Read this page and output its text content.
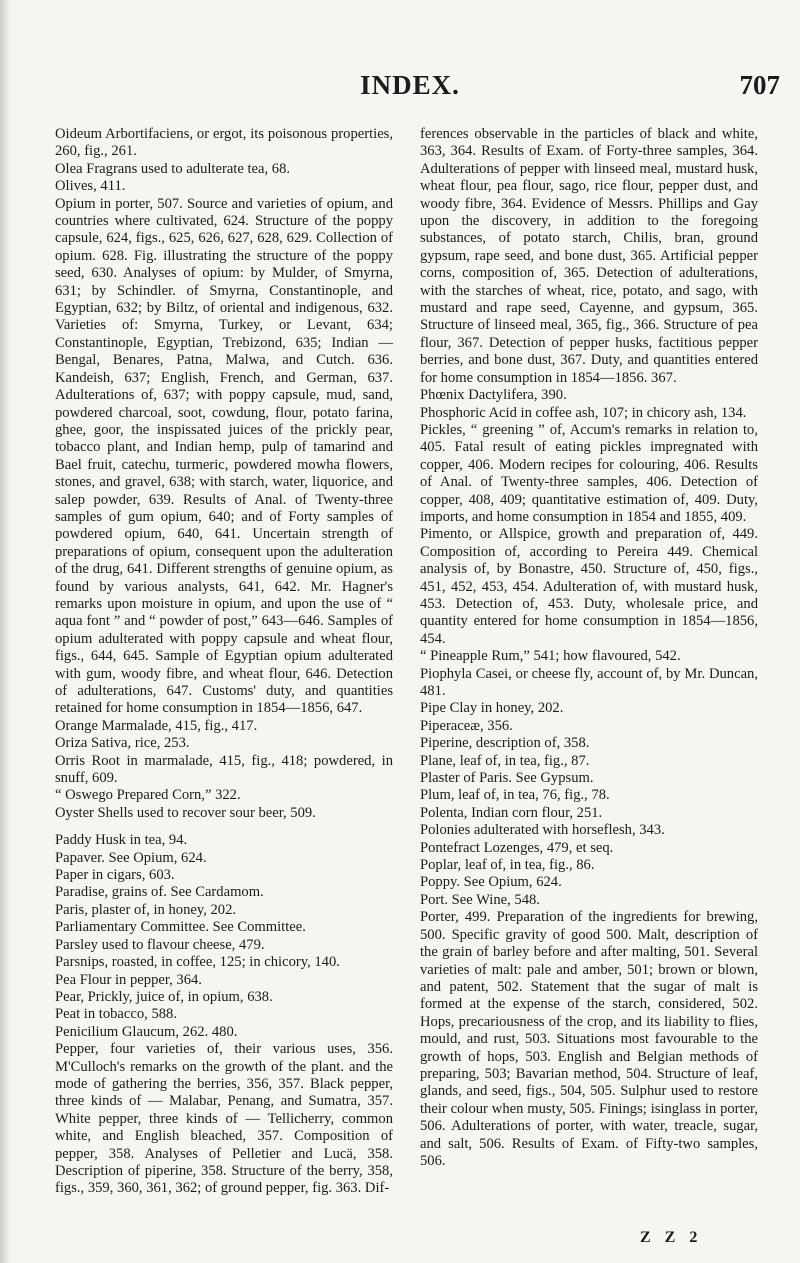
INDEX.	707
Oideum Arbortifaciens, or ergot, its poisonous properties, 260, fig., 261.
Olea Fragrans used to adulterate tea, 68.
Olives, 411.
Opium in porter, 507. Source and varieties of opium, and countries where cultivated, 624. Structure of the poppy capsule, 624, figs., 625, 626, 627, 628, 629. Collection of opium. 628. Fig. illustrating the structure of the poppy seed, 630. Analyses of opium: by Mulder, of Smyrna, 631; by Schindler. of Smyrna, Constantinople, and Egyptian, 632; by Biltz, of oriental and indigenous, 632. Varieties of: Smyrna, Turkey, or Levant, 634; Constantinople, Egyptian, Trebizond, 635; Indian — Bengal, Benares, Patna, Malwa, and Cutch. 636. Kandeish, 637; English, French, and German, 637. Adulterations of, 637; with poppy capsule, mud, sand, powdered charcoal, soot, cowdung, flour, potato farina, ghee, goor, the inspissated juices of the prickly pear, tobacco plant, and Indian hemp, pulp of tamarind and Bael fruit, catechu, turmeric, powdered mowha flowers, stones, and gravel, 638; with starch, water, liquorice, and salep powder, 639. Results of Anal. of Twenty-three samples of gum opium, 640; and of Forty samples of powdered opium, 640, 641. Uncertain strength of preparations of opium, consequent upon the adulteration of the drug, 641. Different strengths of genuine opium, as found by various analysts, 641, 642. Mr. Hagner's remarks upon moisture in opium, and upon the use of “ aqua font ” and “ powder of post,” 643—646. Samples of opium adulterated with poppy capsule and wheat flour, figs., 644, 645. Sample of Egyptian opium adulterated with gum, woody fibre, and wheat flour, 646. Detection of adulterations, 647. Customs' duty, and quantities retained for home consumption in 1854—1856, 647.
Orange Marmalade, 415, fig., 417.
Oriza Sativa, rice, 253.
Orris Root in marmalade, 415, fig., 418; powdered, in snuff, 609.
“ Oswego Prepared Corn,” 322.
Oyster Shells used to recover sour beer, 509.
Paddy Husk in tea, 94.
Papaver. See Opium, 624.
Paper in cigars, 603.
Paradise, grains of. See Cardamom.
Paris, plaster of, in honey, 202.
Parliamentary Committee. See Committee.
Parsley used to flavour cheese, 479.
Parsnips, roasted, in coffee, 125; in chicory, 140.
Pea Flour in pepper, 364.
Pear, Prickly, juice of, in opium, 638.
Peat in tobacco, 588.
Penicilium Glaucum, 262. 480.
Pepper, four varieties of, their various uses, 356. M'Culloch's remarks on the growth of the plant. and the mode of gathering the berries, 356, 357. Black pepper, three kinds of — Malabar, Penang, and Sumatra, 357. White pepper, three kinds of — Tellicherry, common white, and English bleached, 357. Composition of pepper, 358. Analyses of Pelletier and Lucä, 358. Description of piperine, 358. Structure of the berry, 358, figs., 359, 360, 361, 362; of ground pepper, fig. 363. Dif-
ferences observable in the particles of black and white, 363, 364. Results of Exam. of Forty-three samples, 364. Adulterations of pepper with linseed meal, mustard husk, wheat flour, pea flour, sago, rice flour, pepper dust, and woody fibre, 364. Evidence of Messrs. Phillips and Gay upon the discovery, in addition to the foregoing substances, of potato starch, Chilis, bran, ground gypsum, rape seed, and bone dust, 365. Artificial pepper corns, composition of, 365. Detection of adulterations, with the starches of wheat, rice, potato, and sago, with mustard and rape seed, Cayenne, and gypsum, 365. Structure of linseed meal, 365, fig., 366. Structure of pea flour, 367. Detection of pepper husks, factitious pepper berries, and bone dust, 367. Duty, and quantities entered for home consumption in 1854—1856. 367.
Phœnix Dactylifera, 390.
Phosphoric Acid in coffee ash, 107; in chicory ash, 134.
Pickles, “ greening ” of, Accum's remarks in relation to, 405. Fatal result of eating pickles impregnated with copper, 406. Modern recipes for colouring, 406. Results of Anal. of Twenty-three samples, 406. Detection of copper, 408, 409; quantitative estimation of, 409. Duty, imports, and home consumption in 1854 and 1855, 409.
Pimento, or Allspice, growth and preparation of, 449. Composition of, according to Pereira 449. Chemical analysis of, by Bonastre, 450. Structure of, 450, figs., 451, 452, 453, 454. Adulteration of, with mustard husk, 453. Detection of, 453. Duty, wholesale price, and quantity entered for home consumption in 1854—1856, 454.
“ Pineapple Rum,” 541; how flavoured, 542.
Piophyla Casei, or cheese fly, account of, by Mr. Duncan, 481.
Pipe Clay in honey, 202.
Piperaceæ, 356.
Piperine, description of, 358.
Plane, leaf of, in tea, fig., 87.
Plaster of Paris. See Gypsum.
Plum, leaf of, in tea, 76, fig., 78.
Polenta, Indian corn flour, 251.
Polonies adulterated with horseflesh, 343.
Pontefract Lozenges, 479, et seq.
Poplar, leaf of, in tea, fig., 86.
Poppy. See Opium, 624.
Port. See Wine, 548.
Porter, 499. Preparation of the ingredients for brewing, 500. Specific gravity of good 500. Malt, description of the grain of barley before and after malting, 501. Several varieties of malt: pale and amber, 501; brown or blown, and patent, 502. Statement that the sugar of malt is formed at the expense of the starch, considered, 502. Hops, precariousness of the crop, and its liability to flies, mould, and rust, 503. Situations most favourable to the growth of hops, 503. English and Belgian methods of preparing, 503; Bavarian method, 504. Structure of leaf, glands, and seed, figs., 504, 505. Sulphur used to restore their colour when musty, 505. Finings; isinglass in porter, 506. Adulterations of porter, with water, treacle, sugar, and salt, 506. Results of Exam. of Fifty-two samples, 506.
Z Z 2
